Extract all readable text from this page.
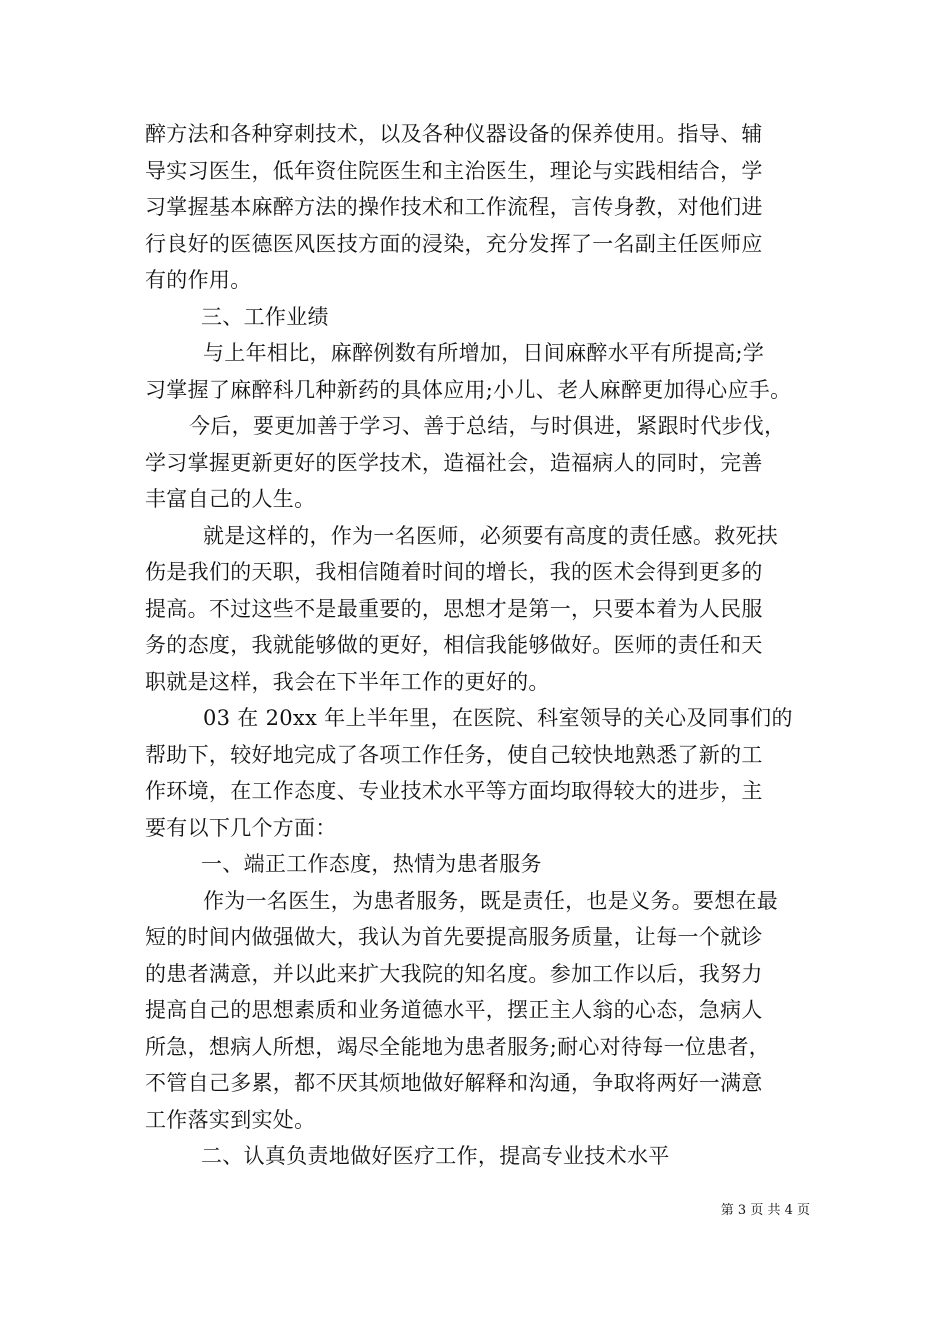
醉方法和各种穿刺技术，以及各种仪器设备的保养使用。指导、辅
导实习医生，低年资住院医生和主治医生，理论与实践相结合，学
习掌握基本麻醉方法的操作技术和工作流程，言传身教，对他们进
行良好的医德医风医技方面的浸染，充分发挥了一名副主任医师应
有的作用。
三、工作业绩
与上年相比，麻醉例数有所增加，日间麻醉水平有所提高;学
习掌握了麻醉科几种新药的具体应用;小儿、老人麻醉更加得心应手。
今后，要更加善于学习、善于总结，与时俱进，紧跟时代步伐，
学习掌握更新更好的医学技术，造福社会，造福病人的同时，完善
丰富自己的人生。
就是这样的，作为一名医师，必须要有高度的责任感。救死扶
伤是我们的天职，我相信随着时间的增长，我的医术会得到更多的
提高。不过这些不是最重要的，思想才是第一，只要本着为人民服
务的态度，我就能够做的更好，相信我能够做好。医师的责任和天
职就是这样，我会在下半年工作的更好的。
03 在 20xx 年上半年里，在医院、科室领导的关心及同事们的
帮助下，较好地完成了各项工作任务，使自己较快地熟悉了新的工
作环境，在工作态度、专业技术水平等方面均取得较大的进步，主
要有以下几个方面：
一、端正工作态度，热情为患者服务
作为一名医生，为患者服务，既是责任，也是义务。要想在最
短的时间内做强做大，我认为首先要提高服务质量，让每一个就诊
的患者满意，并以此来扩大我院的知名度。参加工作以后，我努力
提高自己的思想素质和业务道德水平，摆正主人翁的心态，急病人
所急，想病人所想，竭尽全能地为患者服务;耐心对待每一位患者，
不管自己多累，都不厌其烦地做好解释和沟通，争取将两好一满意
工作落实到实处。
二、认真负责地做好医疗工作，提高专业技术水平
第 3 页 共 4 页
